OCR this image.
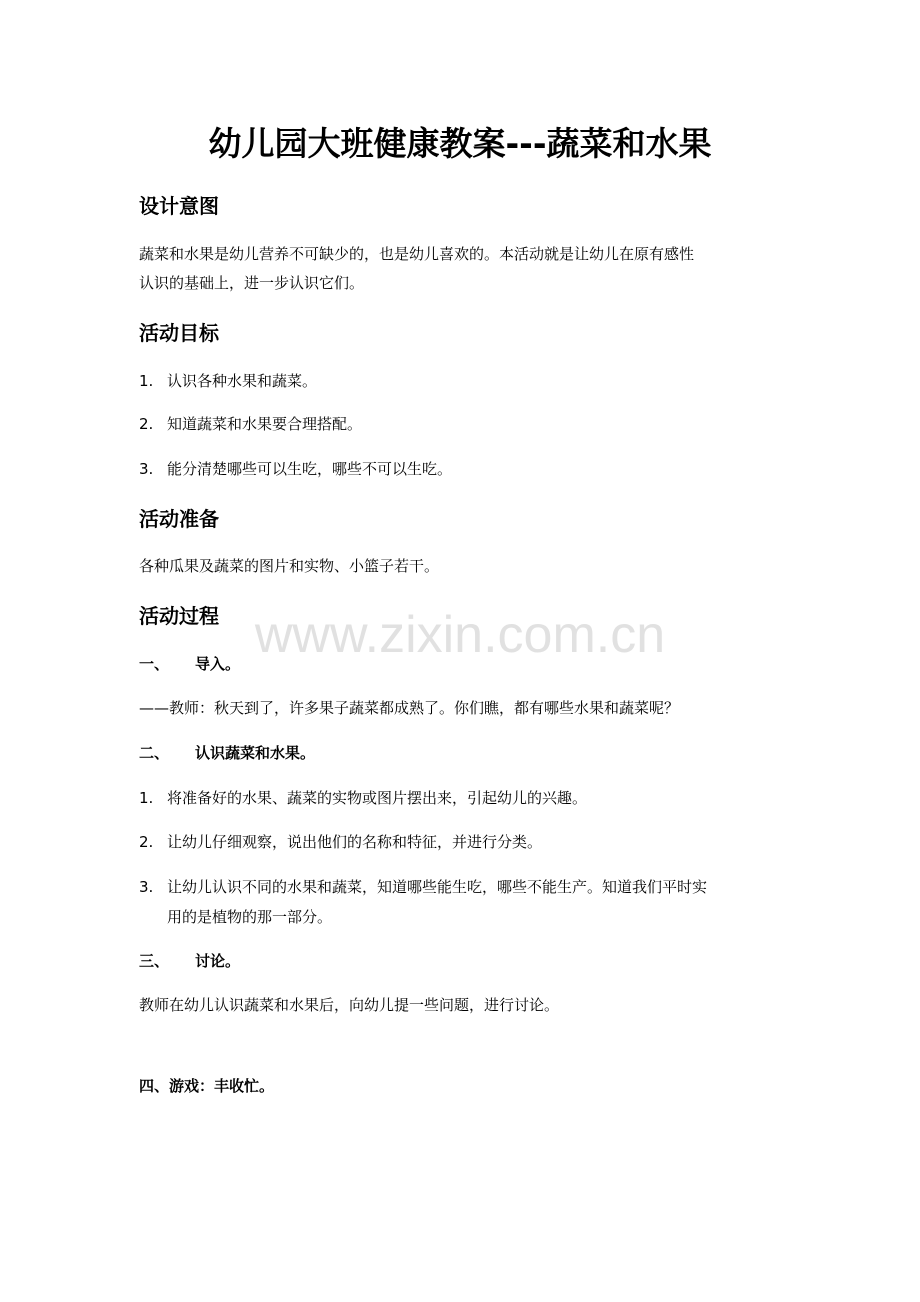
幼儿园大班健康教案---蔬菜和水果
设计意图
蔬菜和水果是幼儿营养不可缺少的，也是幼儿喜欢的。本活动就是让幼儿在原有感性
认识的基础上，进一步认识它们。
活动目标
1. 认识各种水果和蔬菜。
2. 知道蔬菜和水果要合理搭配。
3. 能分清楚哪些可以生吃，哪些不可以生吃。
活动准备
各种瓜果及蔬菜的图片和实物、小篮子若干。
活动过程
一、 导入。
——教师：秋天到了，许多果子蔬菜都成熟了。你们瞧，都有哪些水果和蔬菜呢？
二、 认识蔬菜和水果。
1. 将准备好的水果、蔬菜的实物或图片摆出来，引起幼儿的兴趣。
2. 让幼儿仔细观察，说出他们的名称和特征，并进行分类。
3. 让幼儿认识不同的水果和蔬菜，知道哪些能生吃，哪些不能生产。知道我们平时实
用的是植物的那一部分。
三、 讨论。
教师在幼儿认识蔬菜和水果后，向幼儿提一些问题，进行讨论。
四、游戏：丰收忙。
www.zixin.com.cn
